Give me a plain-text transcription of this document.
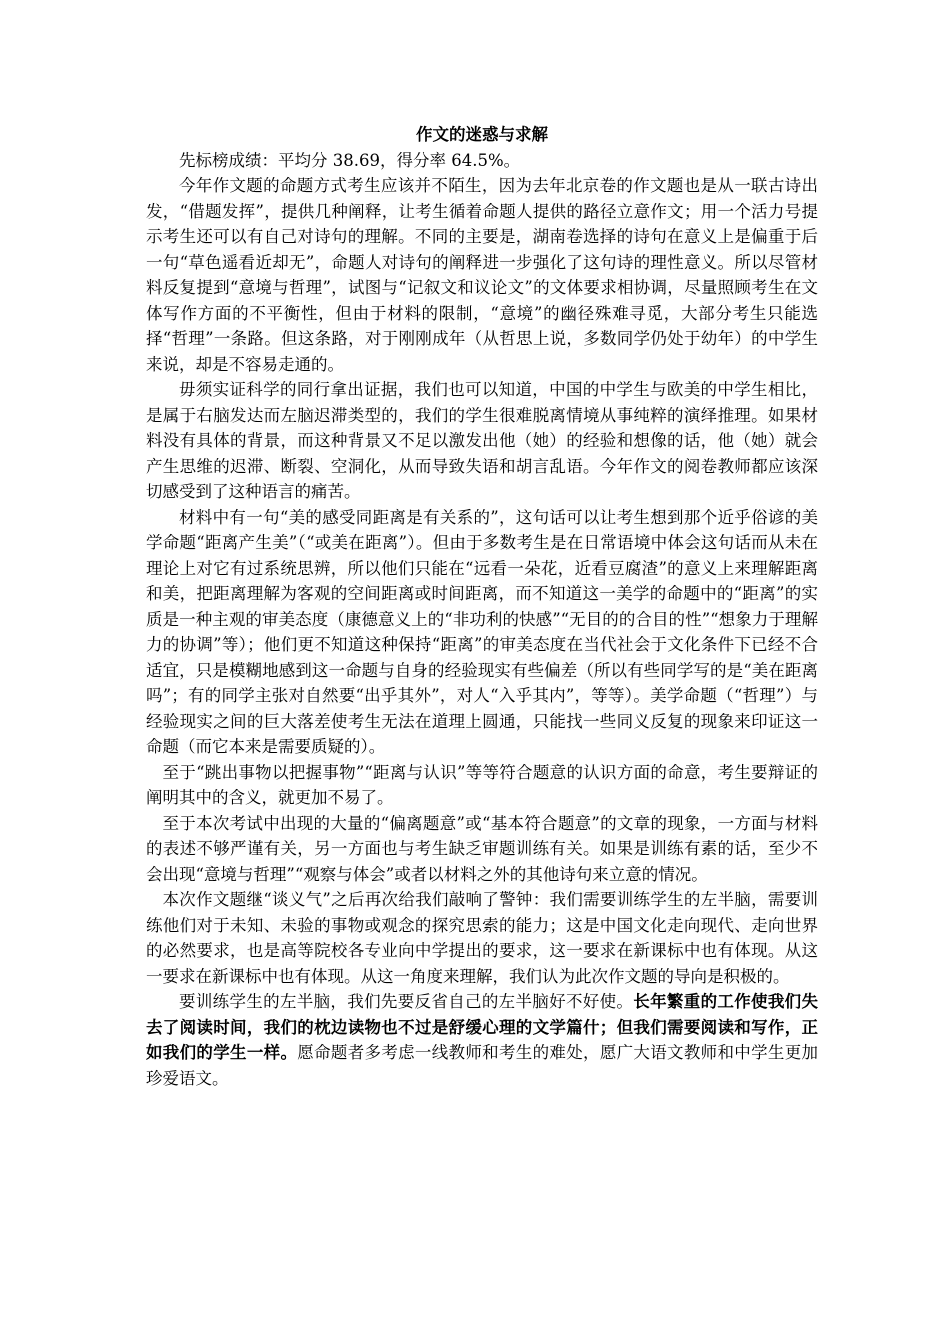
作文的迷惑与求解

先标榜成绩：平均分 38.69，得分率 64.5%。

今年作文题的命题方式考生应该并不陌生，因为去年北京卷的作文题也是从一联古诗出发，“借题发挥”，提供几种阐释，让考生循着命题人提供的路径立意作文；用一个活力号提示考生还可以有自己对诗句的理解。不同的主要是，湖南卷选择的诗句在意义上是偏重于后一句“草色遥看近却无”，命题人对诗句的阐释进一步强化了这句诗的理性意义。所以尽管材料反复提到“意境与哲理”，试图与“记叙文和议论文”的文体要求相协调，尽量照顾考生在文体写作方面的不平衡性，但由于材料的限制，“意境”的幽径殊难寻觅，大部分考生只能选择“哲理”一条路。但这条路，对于刚刚成年（从哲思上说，多数同学仍处于幼年）的中学生来说，却是不容易走通的。

毋须实证科学的同行拿出证据，我们也可以知道，中国的中学生与欧美的中学生相比，是属于右脑发达而左脑迟滞类型的，我们的学生很难脱离情境从事纯粹的演绎推理。如果材料没有具体的背景，而这种背景又不足以激发出他（她）的经验和想像的话，他（她）就会产生思维的迟滞、断裂、空洞化，从而导致失语和胡言乱语。今年作文的阅卷教师都应该深切感受到了这种语言的痛苦。

材料中有一句“美的感受同距离是有关系的”，这句话可以让考生想到那个近乎俗谚的美学命题“距离产生美”（“或美在距离”）。但由于多数考生是在日常语境中体会这句话而从未在理论上对它有过系统思辨，所以他们只能在“远看一朵花，近看豆腐渣”的意义上来理解距离和美，把距离理解为客观的空间距离或时间距离，而不知道这一美学的命题中的“距离”的实质是一种主观的审美态度（康德意义上的“非功利的快感”“无目的的合目的性”“想象力于理解力的协调”等）；他们更不知道这种保持“距离”的审美态度在当代社会于文化条件下已经不合适宜，只是模糊地感到这一命题与自身的经验现实有些偏差（所以有些同学写的是“美在距离吗”；有的同学主张对自然要“出乎其外”，对人“入乎其内”，等等）。美学命题（“哲理”）与经验现实之间的巨大落差使考生无法在道理上圆通，只能找一些同义反复的现象来印证这一命题（而它本来是需要质疑的）。

至于“跳出事物以把握事物”“距离与认识”等等符合题意的认识方面的命意，考生要辩证的阐明其中的含义，就更加不易了。

至于本次考试中出现的大量的“偏离题意”或“基本符合题意”的文章的现象，一方面与材料的表述不够严谨有关，另一方面也与考生缺乏审题训练有关。如果是训练有素的话，至少不会出现“意境与哲理”“观察与体会”或者以材料之外的其他诗句来立意的情况。

本次作文题继“谈义气”之后再次给我们敲响了警钟：我们需要训练学生的左半脑，需要训练他们对于未知、未验的事物或观念的探究思索的能力；这是中国文化走向现代、走向世界的必然要求，也是高等院校各专业向中学提出的要求，这一要求在新课标中也有体现。从这一要求在新课标中也有体现。从这一角度来理解，我们认为此次作文题的导向是积极的。

要训练学生的左半脑，我们先要反省自己的左半脑好不好使。长年繁重的工作使我们失去了阅读时间，我们的枕边读物也不过是舒缓心理的文学篇什；但我们需要阅读和写作，正如我们的学生一样。愿命题者多考虑一线教师和考生的难处，愿广大语文教师和中学生更加珍爱语文。
